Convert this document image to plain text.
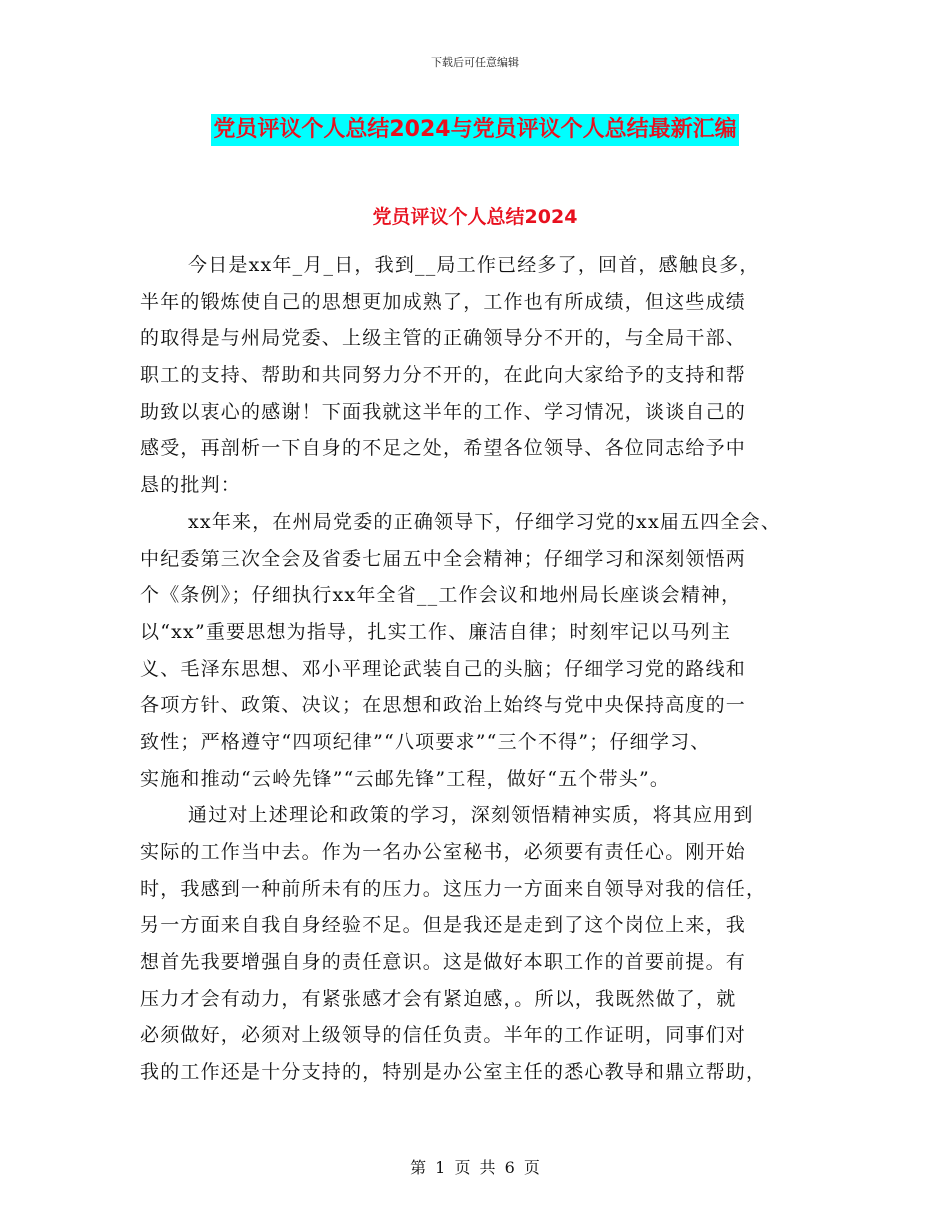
下载后可任意编辑
党员评议个人总结2024与党员评议个人总结最新汇编
党员评议个人总结2024
今日是xx年_月_日，我到__局工作已经多了，回首，感触良多，
半年的锻炼使自己的思想更加成熟了，工作也有所成绩，但这些成绩
的取得是与州局党委、上级主管的正确领导分不开的，与全局干部、
职工的支持、帮助和共同努力分不开的，在此向大家给予的支持和帮
助致以衷心的感谢！下面我就这半年的工作、学习情况，谈谈自己的
感受，再剖析一下自身的不足之处，希望各位领导、各位同志给予中
恳的批判：
xx年来，在州局党委的正确领导下，仔细学习党的xx届五四全会、
中纪委第三次全会及省委七届五中全会精神；仔细学习和深刻领悟两
个《条例》；仔细执行xx年全省__工作会议和地州局长座谈会精神，
以“xx”重要思想为指导，扎实工作、廉洁自律；时刻牢记以马列主
义、毛泽东思想、邓小平理论武装自己的头脑；仔细学习党的路线和
各项方针、政策、决议；在思想和政治上始终与党中央保持高度的一
致性；严格遵守“四项纪律”“八项要求”“三个不得”；仔细学习、
实施和推动“云岭先锋”“云邮先锋”工程，做好“五个带头”。
通过对上述理论和政策的学习，深刻领悟精神实质，将其应用到
实际的工作当中去。作为一名办公室秘书，必须要有责任心。刚开始
时，我感到一种前所未有的压力。这压力一方面来自领导对我的信任，
另一方面来自我自身经验不足。但是我还是走到了这个岗位上来，我
想首先我要增强自身的责任意识。这是做好本职工作的首要前提。有
压力才会有动力，有紧张感才会有紧迫感，。所以，我既然做了，就
必须做好，必须对上级领导的信任负责。半年的工作证明，同事们对
我的工作还是十分支持的，特别是办公室主任的悉心教导和鼎立帮助，
第 1 页 共 6 页
